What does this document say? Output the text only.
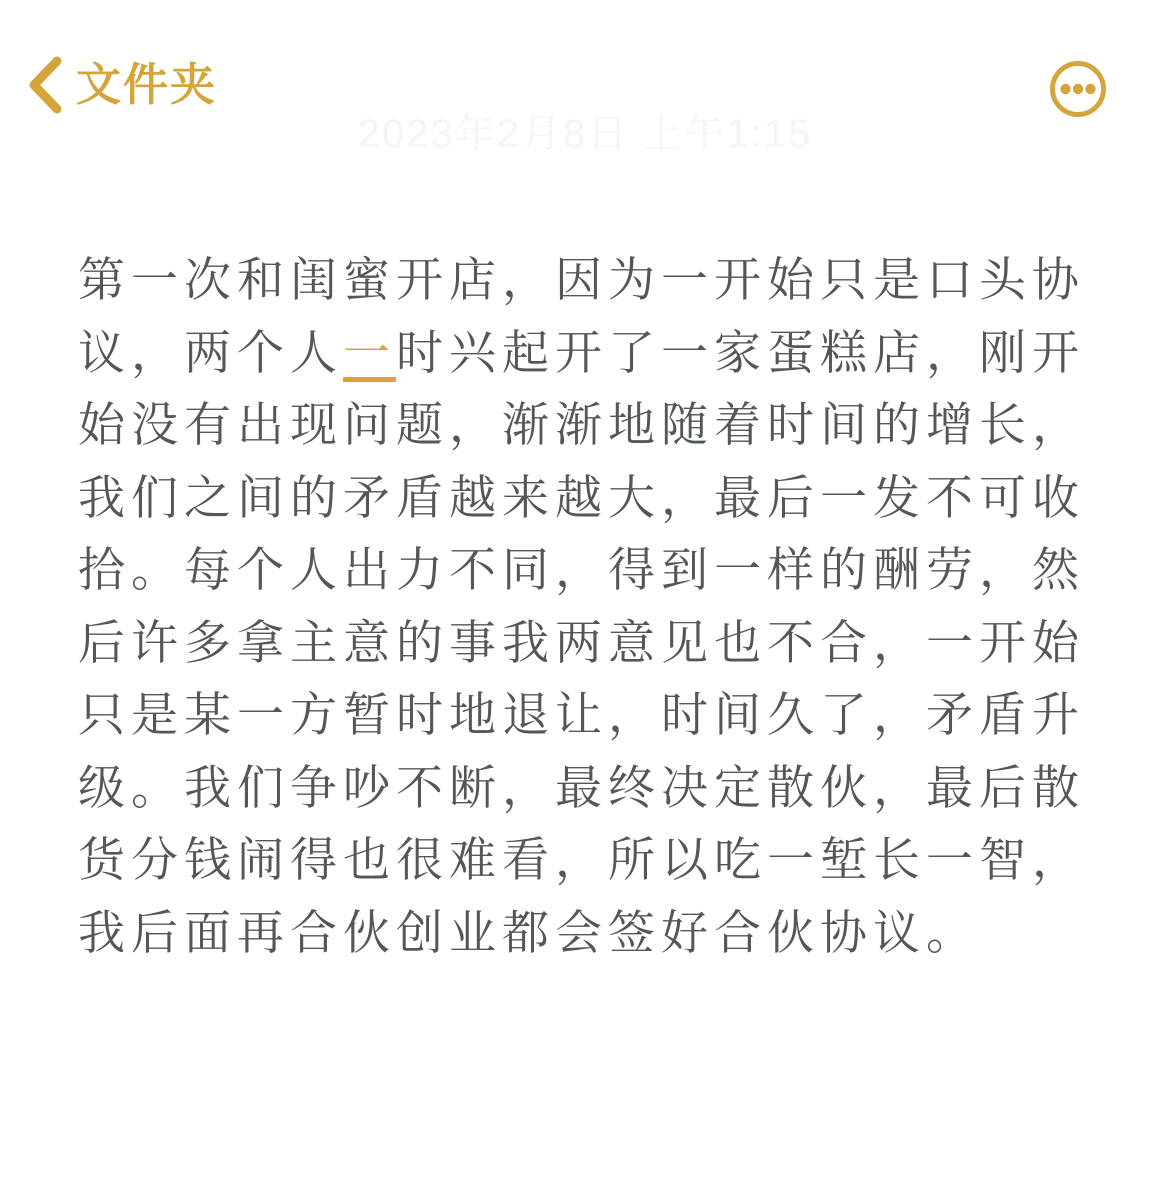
文件夹
2023年2月8日 上午1:15
第一次和闺蜜开店，因为一开始只是口头协
议，两个人一时兴起开了一家蛋糕店，刚开
始没有出现问题，渐渐地随着时间的增长，
我们之间的矛盾越来越大，最后一发不可收
拾。每个人出力不同，得到一样的酬劳，然
后许多拿主意的事我两意见也不合，一开始
只是某一方暂时地退让，时间久了，矛盾升
级。我们争吵不断，最终决定散伙，最后散
货分钱闹得也很难看，所以吃一堑长一智，
我后面再合伙创业都会签好合伙协议。
